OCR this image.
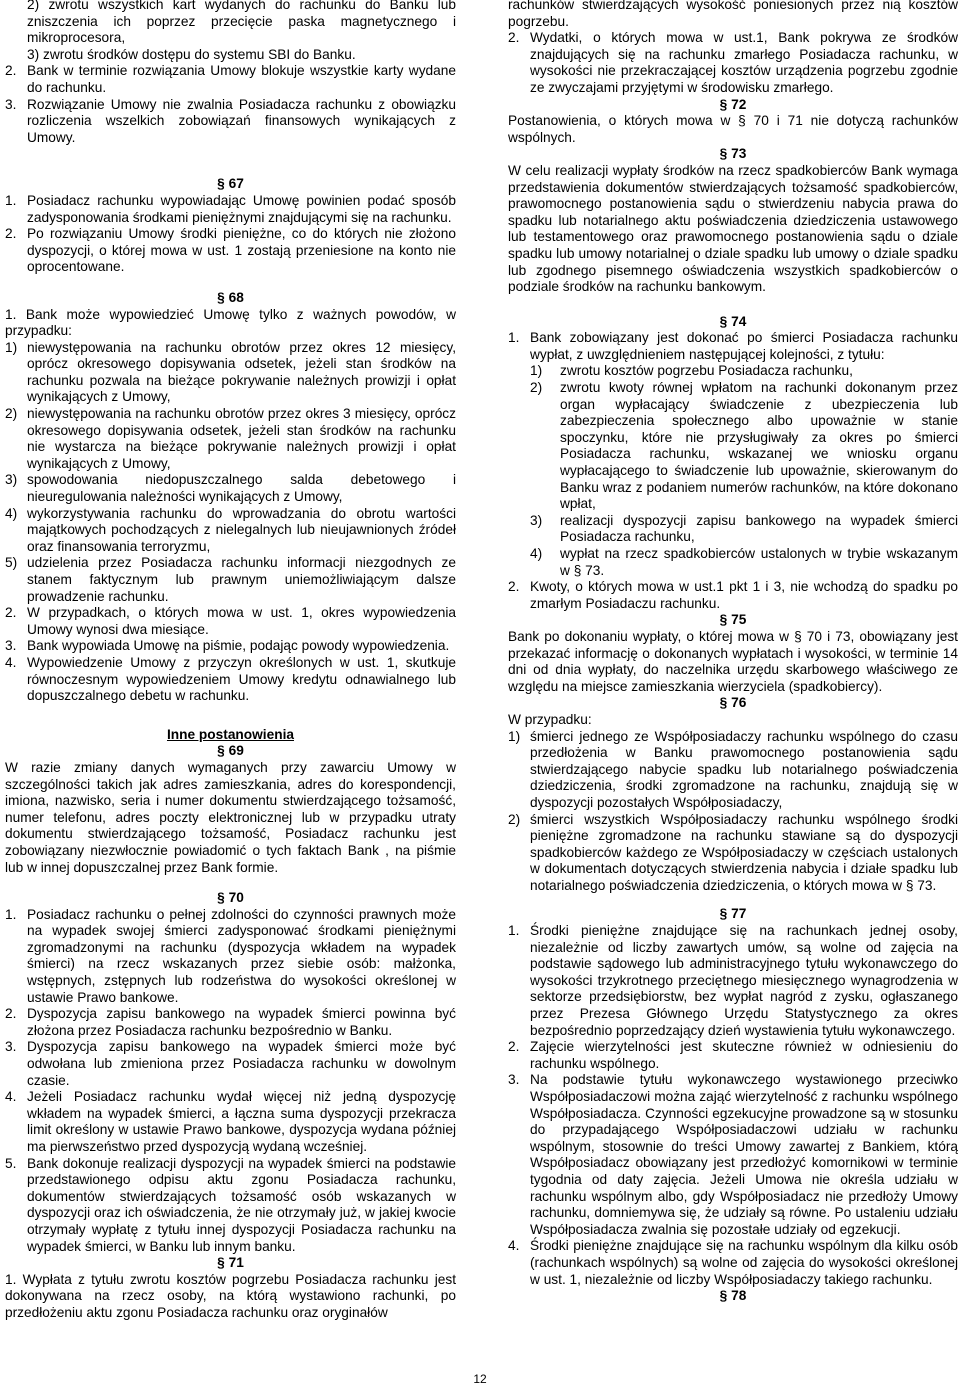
2) zwrotu wszystkich kart wydanych do rachunku do Banku lub zniszczenia ich poprzez przecięcie paska magnetycznego i mikroprocesora,
3) zwrotu środków dostępu do systemu SBI do Banku.
2. Bank w terminie rozwiązania Umowy blokuje wszystkie karty wydane do rachunku.
3. Rozwiązanie Umowy nie zwalnia Posiadacza rachunku z obowiązku rozliczenia wszelkich zobowiązań finansowych wynikających z Umowy.
§ 67
1. Posiadacz rachunku wypowiadając Umowę powinien podać sposób zadysponowania środkami pieniężnymi znajdującymi się na rachunku.
2. Po rozwiązaniu Umowy środki pieniężne, co do których nie złożono dyspozycji, o której mowa w ust. 1 zostają przeniesione na konto nie oprocentowane.
§ 68
1. Bank może wypowiedzieć Umowę tylko z ważnych powodów, w przypadku:
1) niewystępowania na rachunku obrotów przez okres 12 miesięcy, oprócz okresowego dopisywania odsetek, jeżeli stan środków na rachunku pozwala na bieżące pokrywanie należnych prowizji i opłat wynikających z Umowy,
2) niewystępowania na rachunku obrotów przez okres 3 miesięcy, oprócz okresowego dopisywania odsetek, jeżeli stan środków na rachunku nie wystarcza na bieżące pokrywanie należnych prowizji i opłat wynikających z Umowy,
3) spowodowania niedopuszczalnego salda debetowego i nieuregulowania należności wynikających z Umowy,
4) wykorzystywania rachunku do wprowadzania do obrotu wartości majątkowych pochodzących z nielegalnych lub nieujawnionych źródeł oraz finansowania terroryzmu,
5) udzielenia przez Posiadacza rachunku informacji niezgodnych ze stanem faktycznym lub prawnym uniemożliwiającym dalsze prowadzenie rachunku.
2. W przypadkach, o których mowa w ust. 1, okres wypowiedzenia Umowy wynosi dwa miesiące.
3. Bank wypowiada Umowę na piśmie, podając powody wypowiedzenia.
4. Wypowiedzenie Umowy z przyczyn określonych w ust. 1, skutkuje równoczesnym wypowiedzeniem Umowy kredytu odnawialnego lub dopuszczalnego debetu w rachunku.
Inne postanowienia
§ 69
W razie zmiany danych wymaganych przy zawarciu Umowy w szczególności takich jak adres zamieszkania, adres do korespondencji, imiona, nazwisko, seria i numer dokumentu stwierdzającego tożsamość, numer telefonu, adres poczty elektronicznej lub w przypadku utraty dokumentu stwierdzającego tożsamość, Posiadacz rachunku jest zobowiązany niezwłocznie powiadomić o tych faktach Bank , na piśmie lub w innej dopuszczalnej przez Bank formie.
§ 70
1. Posiadacz rachunku o pełnej zdolności do czynności prawnych może na wypadek swojej śmierci zadysponować środkami pieniężnymi zgromadzonymi na rachunku (dyspozycja wkładem na wypadek śmierci) na rzecz wskazanych przez siebie osób: małżonka, wstępnych, zstępnych lub rodzeństwa do wysokości określonej w ustawie Prawo bankowe.
2. Dyspozycja zapisu bankowego na wypadek śmierci powinna być złożona przez Posiadacza rachunku bezpośrednio w Banku.
3. Dyspozycja zapisu bankowego na wypadek śmierci może być odwołana lub zmieniona przez Posiadacza rachunku w dowolnym czasie.
4. Jeżeli Posiadacz rachunku wydał więcej niż jedną dyspozycję wkładem na wypadek śmierci, a łączna suma dyspozycji przekracza limit określony w ustawie Prawo bankowe, dyspozycja wydana później ma pierwszeństwo przed dyspozycją wydaną wcześniej.
5. Bank dokonuje realizacji dyspozycji na wypadek śmierci na podstawie przedstawionego odpisu aktu zgonu Posiadacza rachunku, dokumentów stwierdzających tożsamość osób wskazanych w dyspozycji oraz ich oświadczenia, że nie otrzymały już, w jakiej kwocie otrzymały wypłatę z tytułu innej dyspozycji Posiadacza rachunku na wypadek śmierci, w Banku lub innym banku.
§ 71
1. Wypłata z tytułu zwrotu kosztów pogrzebu Posiadacza rachunku jest dokonywana na rzecz osoby, na którą wystawiono rachunki, po przedłożeniu aktu zgonu Posiadacza rachunku oraz oryginałów
rachunków stwierdzających wysokość poniesionych przez nią kosztów pogrzebu.
2. Wydatki, o których mowa w ust.1, Bank pokrywa ze środków znajdujących się na rachunku zmarłego Posiadacza rachunku, w wysokości nie przekraczającej kosztów urządzenia pogrzebu zgodnie ze zwyczajami przyjętymi w środowisku zmarłego.
§ 72
Postanowienia, o których mowa w § 70 i 71 nie dotyczą rachunków wspólnych.
§ 73
W celu realizacji wypłaty środków na rzecz spadkobierców Bank wymaga przedstawienia dokumentów stwierdzających tożsamość spadkobierców, prawomocnego postanowienia sądu o stwierdzeniu nabycia prawa do spadku lub notarialnego aktu poświadczenia dziedziczenia ustawowego lub testamentowego oraz prawomocnego postanowienia sądu o dziale spadku lub umowy notarialnej o dziale spadku lub umowy o dziale spadku lub zgodnego pisemnego oświadczenia wszystkich spadkobierców o podziale środków na rachunku bankowym.
§ 74
1. Bank zobowiązany jest dokonać po śmierci Posiadacza rachunku wypłat, z uwzględnieniem następującej kolejności, z tytułu:
1) zwrotu kosztów pogrzebu Posiadacza rachunku,
2) zwrotu kwoty równej wpłatom na rachunki dokonanym przez organ wypłacający świadczenie z ubezpieczenia lub zabezpieczenia społecznego albo upoważnie w stanie spoczynku, które nie przysługiwały za okres po śmierci Posiadacza rachunku, wskazanej we wniosku organu wypłacającego to świadczenie lub upoważnie, skierowanym do Banku wraz z podaniem numerów rachunków, na które dokonano wpłat,
3) realizacji dyspozycji zapisu bankowego na wypadek śmierci Posiadacza rachunku,
4) wypłat na rzecz spadkobierców ustalonych w trybie wskazanym w § 73.
2. Kwoty, o których mowa w ust.1 pkt 1 i 3, nie wchodzą do spadku po zmarłym Posiadaczu rachunku.
§ 75
Bank po dokonaniu wypłaty, o której mowa w § 70 i 73, obowiązany jest przekazać informację o dokonanych wypłatach i wysokości, w terminie 14 dni od dnia wypłaty, do naczelnika urzędu skarbowego właściwego ze względu na miejsce zamieszkania wierzyciela (spadkobiercy).
§ 76
W przypadku:
1) śmierci jednego ze Współposiadaczy rachunku wspólnego do czasu przedłożenia w Banku prawomocnego postanowienia sądu stwierdzającego nabycie spadku lub notarialnego poświadczenia dziedziczenia, środki zgromadzone na rachunku, znajdują się w dyspozycji pozostałych Współposiadaczy,
2) śmierci wszystkich Współposiadaczy rachunku wspólnego środki pieniężne zgromadzone na rachunku stawiane są do dyspozycji spadkobierców każdego ze Współposiadaczy w częściach ustalonych w dokumentach dotyczących stwierdzenia nabycia i działe spadku lub notarialnego poświadczenia dziedziczenia, o których mowa w § 73.
§ 77
1. Środki pieniężne znajdujące się na rachunkach jednej osoby, niezależnie od liczby zawartych umów, są wolne od zajęcia na podstawie sądowego lub administracyjnego tytułu wykonawczego do wysokości trzykrotnego przeciętnego miesięcznego wynagrodzenia w sektorze przedsiębiorstw, bez wypłat nagród z zysku, ogłaszanego przez Prezesa Głównego Urzędu Statystycznego za okres bezpośrednio poprzedzający dzień wystawienia tytułu wykonawczego.
2. Zajęcie wierzytelności jest skuteczne również w odniesieniu do rachunku wspólnego.
3. Na podstawie tytułu wykonawczego wystawionego przeciwko Współposiadaczowi można zająć wierzytelność z rachunku wspólnego Współposiadacza. Czynności egzekucyjne prowadzone są w stosunku do przypadającego Współposiadaczowi udziału w rachunku wspólnym, stosownie do treści Umowy zawartej z Bankiem, którą Współposiadacz obowiązany jest przedłożyć komornikowi w terminie tygodnia od daty zajęcia. Jeżeli Umowa nie określa udziału w rachunku wspólnym albo, gdy Współposiadacz nie przedłoży Umowy rachunku, domniemywa się, że udziały są równe. Po ustaleniu udziału Współposiadacza zwalnia się pozostałe udziały od egzekucji.
4. Środki pieniężne znajdujące się na rachunku wspólnym dla kilku osób (rachunkach wspólnych) są wolne od zajęcia do wysokości określonej w ust. 1, niezależnie od liczby Współposiadaczy takiego rachunku.
§ 78
12
